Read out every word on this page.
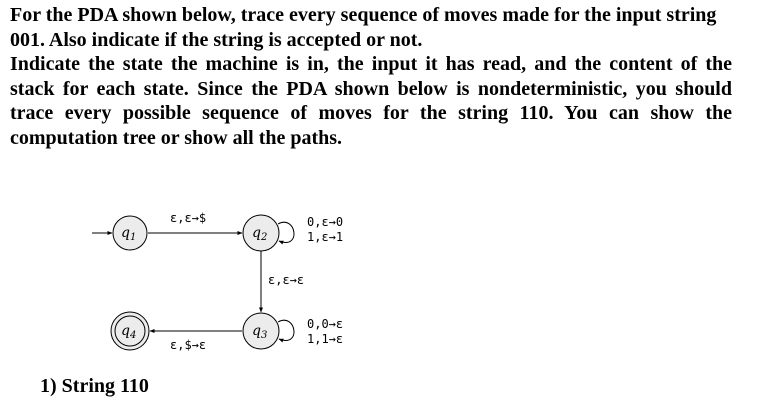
For the PDA shown below, trace every sequence of moves made for the input string 001. Also indicate if the string is accepted or not.

Indicate the state the machine is in, the input it has read, and the content of the stack for each state. Since the PDA shown below is nondeterministic, you should trace every possible sequence of moves for the string 110. You can show the computation tree or show all the paths.

ε,ε→$	0,ε→0
1,ε→1
ε,ε→ε
0,0→ε
1,1→ε
ε,$→ε
$q_1$	$q_2$
$q_3$
$q_4$

1) String 110
